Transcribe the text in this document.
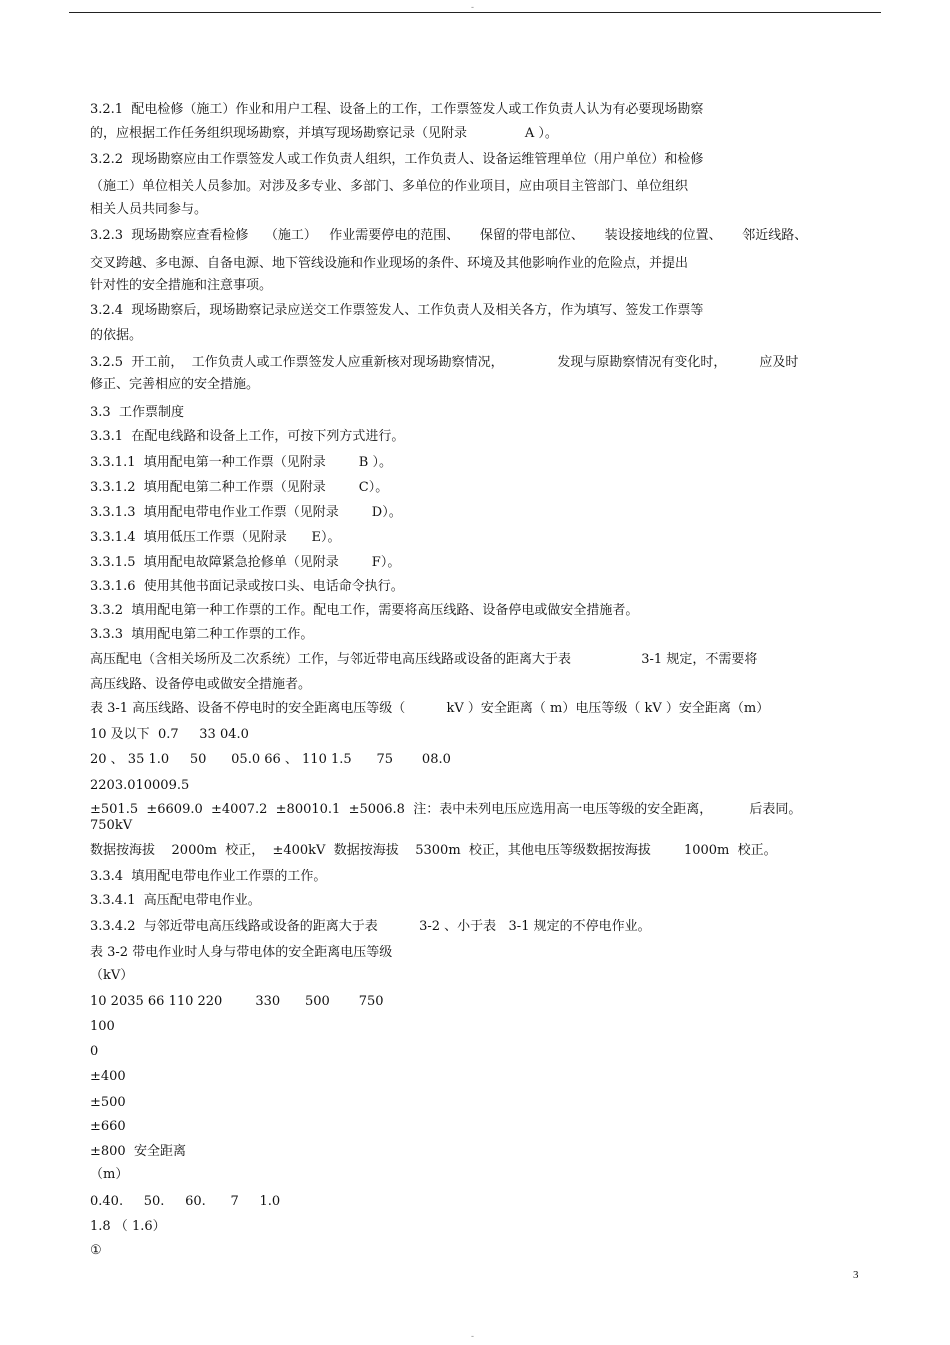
-
3.2.1  配电检修（施工）作业和用户工程、设备上的工作，工作票签发人或工作负责人认为有必要现场勘察
的，应根据工作任务组织现场勘察，并填写现场勘察记录（见附录              A ）。
3.2.2  现场勘察应由工作票签发人或工作负责人组织，工作负责人、设备运维管理单位（用户单位）和检修
（施工）单位相关人员参加。对涉及多专业、多部门、多单位的作业项目，应由项目主管部门、单位组织
相关人员共同参与。
3.2.3  现场勘察应查看检修    （施工）   作业需要停电的范围、     保留的带电部位、     装设接地线的位置、     邻近线路、
交叉跨越、多电源、自备电源、地下管线设施和作业现场的条件、环境及其他影响作业的危险点，并提出
针对性的安全措施和注意事项。
3.2.4  现场勘察后，现场勘察记录应送交工作票签发人、工作负责人及相关各方，作为填写、签发工作票等
的依据。
3.2.5  开工前，  工作负责人或工作票签发人应重新核对现场勘察情况，             发现与原勘察情况有变化时，        应及时
修正、完善相应的安全措施。
3.3  工作票制度
3.3.1  在配电线路和设备上工作，可按下列方式进行。
3.3.1.1  填用配电第一种工作票（见附录        B ）。
3.3.1.2  填用配电第二种工作票（见附录        C）。
3.3.1.3  填用配电带电作业工作票（见附录        D）。
3.3.1.4  填用低压工作票（见附录      E）。
3.3.1.5  填用配电故障紧急抢修单（见附录        F）。
3.3.1.6  使用其他书面记录或按口头、电话命令执行。
3.3.2  填用配电第一种工作票的工作。配电工作，需要将高压线路、设备停电或做安全措施者。
3.3.3  填用配电第二种工作票的工作。
高压配电（含相关场所及二次系统）工作，与邻近带电高压线路或设备的距离大于表                 3-1 规定，不需要将
高压线路、设备停电或做安全措施者。
表 3-1 高压线路、设备不停电时的安全距离电压等级（          kV ）安全距离（ m）电压等级（ kV ）安全距离（m）
10 及以下  0.7     33 04.0
20 、 35 1.0     50      05.0 66 、 110 1.5      75       08.0
2203.010009.5
±501.5  ±6609.0  ±4007.2  ±80010.1  ±5006.8  注：表中未列电压应选用高一电压等级的安全距离，         后表同。
750kV
数据按海拔    2000m  校正，  ±400kV  数据按海拔    5300m  校正，其他电压等级数据按海拔        1000m  校正。
3.3.4  填用配电带电作业工作票的工作。
3.3.4.1  高压配电带电作业。
3.3.4.2  与邻近带电高压线路或设备的距离大于表          3-2 、小于表   3-1 规定的不停电作业。
表 3-2 带电作业时人身与带电体的安全距离电压等级
（kV）
10 2035 66 110 220        330      500       750
100
0
±400
±500
±660
±800  安全距离
（m）
0.40.     50.     60.      7     1.0
1.8 （ 1.6）
①
3
-
